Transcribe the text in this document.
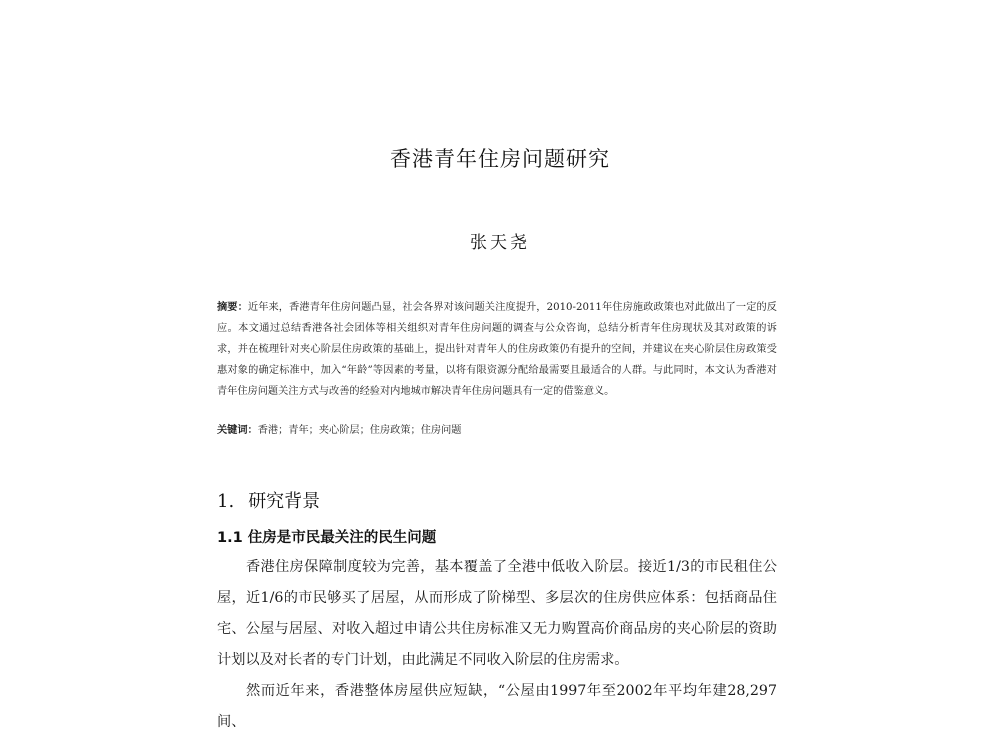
香港青年住房问题研究
张天尧
摘要：近年来，香港青年住房问题凸显，社会各界对该问题关注度提升，2010-2011年住房施政政策也对此做出了一定的反应。本文通过总结香港各社会团体等相关组织对青年住房问题的调查与公众咨询，总结分析青年住房现状及其对政策的诉求，并在梳理针对夹心阶层住房政策的基础上，提出针对青年人的住房政策仍有提升的空间，并建议在夹心阶层住房政策受惠对象的确定标准中，加入“年龄”等因素的考量，以将有限资源分配给最需要且最适合的人群。与此同时，本文认为香港对青年住房问题关注方式与改善的经验对内地城市解决青年住房问题具有一定的借鉴意义。
关键词：香港；青年；夹心阶层；住房政策；住房问题
1. 研究背景
1.1 住房是市民最关注的民生问题
香港住房保障制度较为完善，基本覆盖了全港中低收入阶层。接近1/3的市民租住公屋，近1/6的市民够买了居屋，从而形成了阶梯型、多层次的住房供应体系：包括商品住宅、公屋与居屋、对收入超过申请公共住房标准又无力购置高价商品房的夹心阶层的资助计划以及对长者的专门计划，由此满足不同收入阶层的住房需求。
然而近年来，香港整体房屋供应短缺，“公屋由1997年至2002年平均年建28,297间、
